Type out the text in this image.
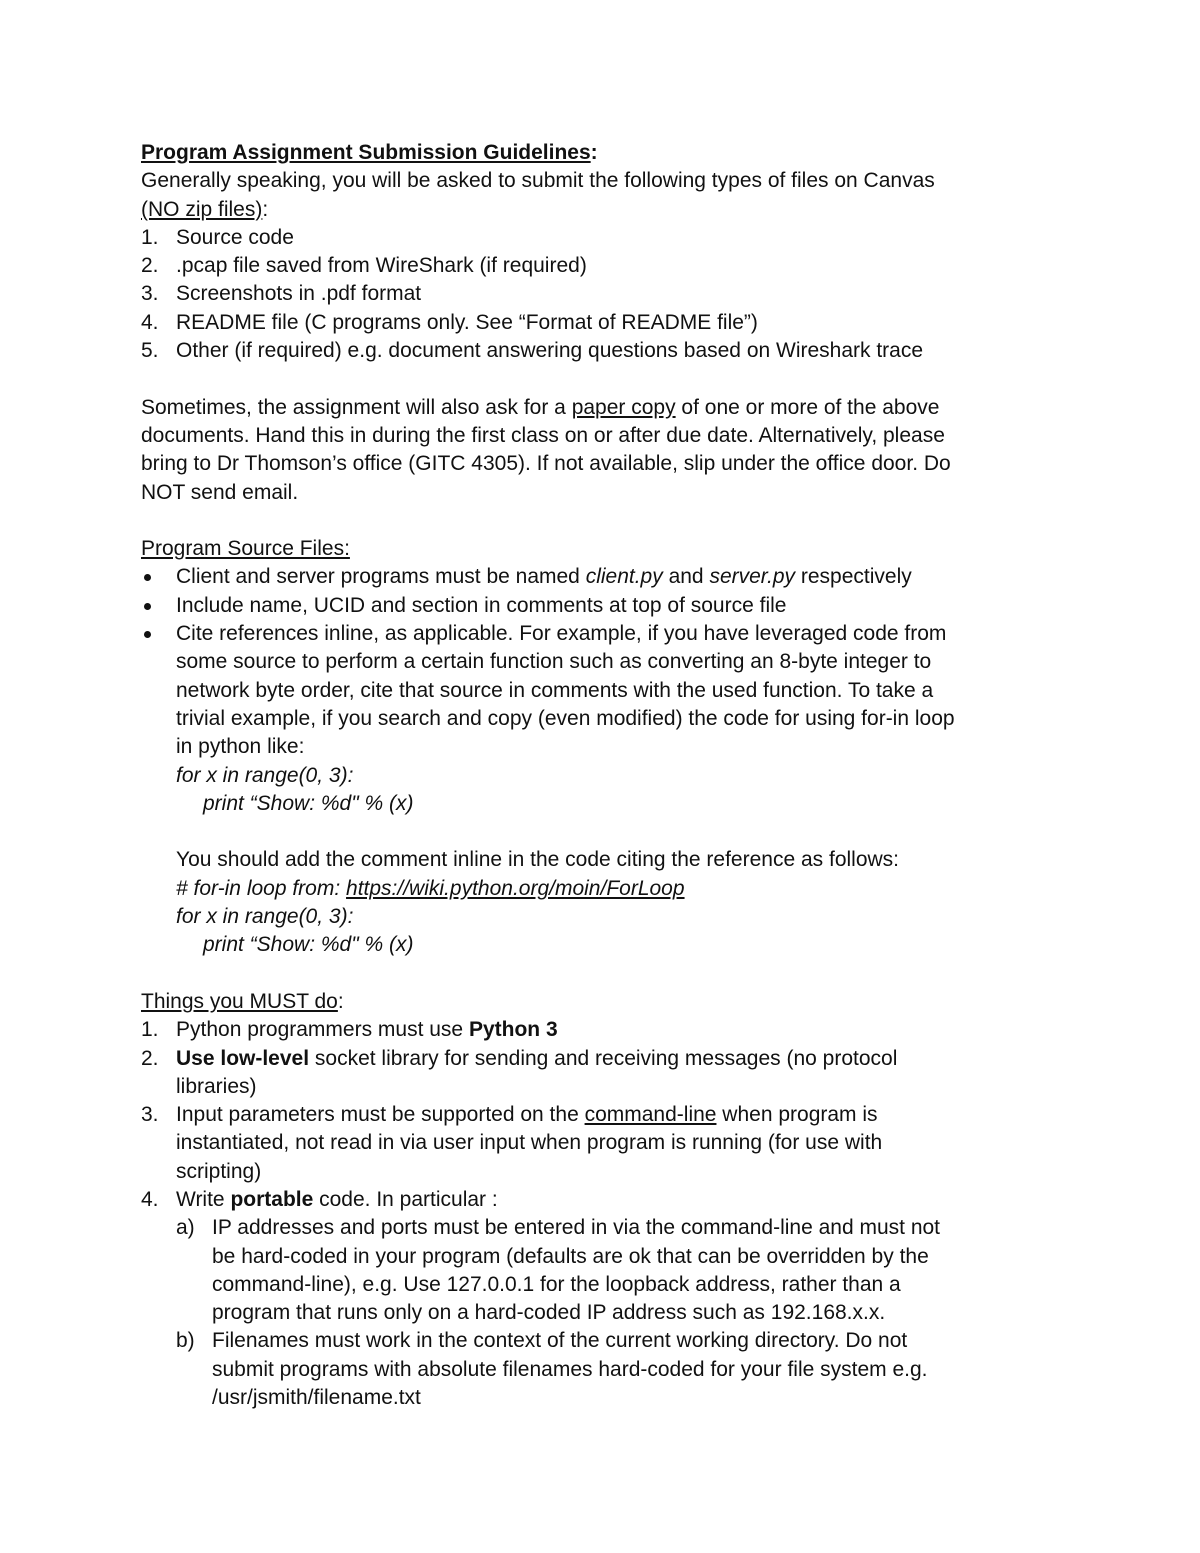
Program Assignment Submission Guidelines:
Generally speaking, you will be asked to submit the following types of files on Canvas
(NO zip files):
1. Source code
2. .pcap file saved from WireShark (if required)
3. Screenshots in .pdf format
4. README file (C programs only. See “Format of README file”)
5. Other (if required) e.g. document answering questions based on Wireshark trace
Sometimes, the assignment will also ask for a paper copy of one or more of the above
documents. Hand this in during the first class on or after due date. Alternatively, please
bring to Dr Thomson’s office (GITC 4305). If not available, slip under the office door. Do
NOT send email.
Program Source Files:
Client and server programs must be named client.py and server.py respectively
Include name, UCID and section in comments at top of source file
Cite references inline, as applicable. For example, if you have leveraged code from
some source to perform a certain function such as converting an 8-byte integer to
network byte order, cite that source in comments with the used function. To take a
trivial example, if you search and copy (even modified) the code for using for-in loop
in python like:
for x in range(0, 3):
print “Show: %d" % (x)
You should add the comment inline in the code citing the reference as follows:
# for-in loop from: https://wiki.python.org/moin/ForLoop
for x in range(0, 3):
print “Show: %d" % (x)
Things you MUST do:
1. Python programmers must use Python 3
2. Use low-level socket library for sending and receiving messages (no protocol
libraries)
3. Input parameters must be supported on the command-line when program is
instantiated, not read in via user input when program is running (for use with
scripting)
4. Write portable code. In particular :
a) IP addresses and ports must be entered in via the command-line and must not
be hard-coded in your program (defaults are ok that can be overridden by the
command-line), e.g. Use 127.0.0.1 for the loopback address, rather than a
program that runs only on a hard-coded IP address such as 192.168.x.x.
b) Filenames must work in the context of the current working directory. Do not
submit programs with absolute filenames hard-coded for your file system e.g.
/usr/jsmith/filename.txt
